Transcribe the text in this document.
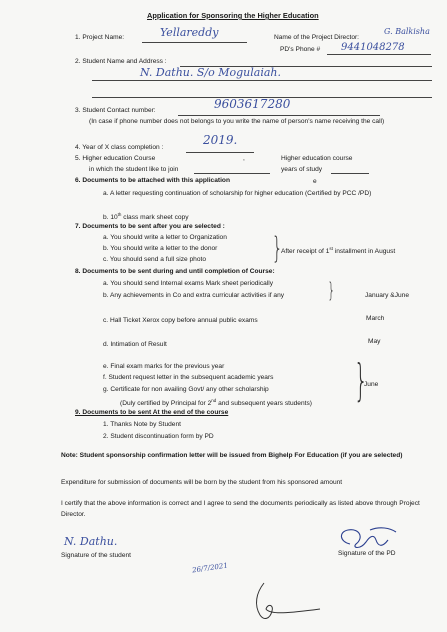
Application for Sponsoring the Higher Education
1. Project Name:	Yellareddy	Name of the Project Director:
G. Balkisha
PD's Phone # 9441048278
2. Student Name and Address :
N. Dathu. S/o Mogulaiah.
3. Student Contact number:	9603617280
(In case if phone number does not belongs to you write the name of person's name receiving the call)
4. Year of X class completion :
2019.
5. Higher education Course	,
in which the student like to join
Higher education course
years of study
6. Documents to be attached with this application	e
a. A letter requesting continuation of scholarship for higher education (Certified by PCC /PD)
b. 10th class mark sheet copy
7. Documents to be sent after you are selected :
a. You should write a letter to Organization
b. You should write a letter to the donor
c. You should send a full size photo }
After receipt of 1st installment in August
8. Documents to be sent during and until completion of Course:
a. You should send Internal exams Mark sheet periodically
b. Any achievements in Co and extra curricular activities if any }	January &June
c. Hall Ticket Xerox copy before annual public exams	March
d. Intimation of Result	May
e. Final exam marks for the previous year
f. Student request letter in the subsequent academic years
g. Certificate for non availing Govt/ any other scholarship
(Duly certified by Principal for 2nd and subsequent years students) }
June
9. Documents to be sent At the end of the course
1. Thanks Note by Student
2. Student discontinuation form by PD
Note: Student sponsorship confirmation letter will be issued from Bighelp For Education (if you are selected)
Expenditure for submission of documents will be born by the student from his sponsored amount
I certify that the above information is correct and I agree to send the documents periodically as listed above through Project Director.
N. Dathu.
Signature of the student
26/7/2021
Signature of the PD
